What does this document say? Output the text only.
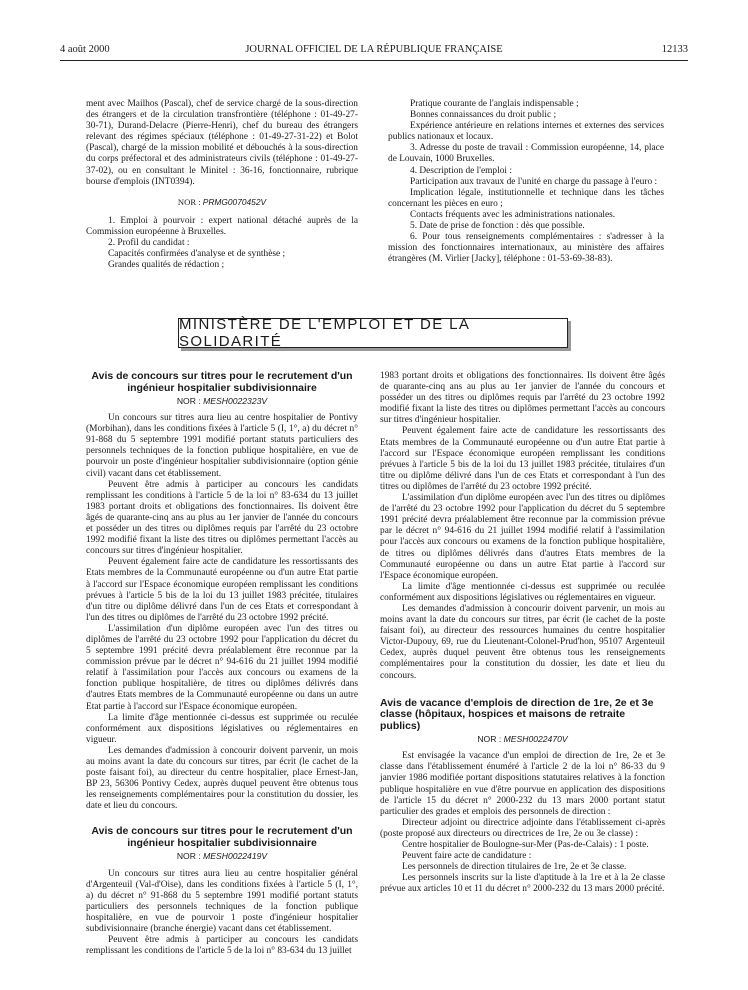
4 août 2000	JOURNAL OFFICIEL DE LA RÉPUBLIQUE FRANÇAISE	12133

ment avec Mailhos (Pascal), chef de service chargé de la sous-direction des étrangers et de la circulation transfrontière (téléphone : 01-49-27-30-71), Durand-Delacre (Pierre-Henri), chef du bureau des étrangers relevant des régimes spéciaux (téléphone : 01-49-27-31-22) et Bolot (Pascal), chargé de la mission mobilité et débouchés à la sous-direction du corps préfectoral et des administrateurs civils (téléphone : 01-49-27-37-02), ou en consultant le Minitel : 36-16, fonctionnaire, rubrique bourse d'emplois (INT0394).

NOR : PRMG0070452V

1. Emploi à pourvoir : expert national détaché auprès de la Commission européenne à Bruxelles.

2. Profil du candidat :

Capacités confirmées d'analyse et de synthèse ;

Grandes qualités de rédaction ;

Pratique courante de l'anglais indispensable ;

Bonnes connaissances du droit public ;

Expérience antérieure en relations internes et externes des services publics nationaux et locaux.

3. Adresse du poste de travail : Commission européenne, 14, place de Louvain, 1000 Bruxelles.

4. Description de l'emploi :

Participation aux travaux de l'unité en charge du passage à l'euro :

Implication légale, institutionnelle et technique dans les tâches concernant les pièces en euro ;

Contacts fréquents avec les administrations nationales.

5. Date de prise de fonction : dès que possible.

6. Pour tous renseignements complémentaires : s'adresser à la mission des fonctionnaires internationaux, au ministère des affaires étrangères (M. Virlier [Jacky], téléphone : 01-53-69-38-83).

MINISTÈRE DE L'EMPLOI ET DE LA SOLIDARITÉ
Avis de concours sur titres pour le recrutement d'un ingénieur hospitalier subdivisionnaire
NOR : MESH0022323V

Un concours sur titres aura lieu au centre hospitalier de Pontivy (Morbihan), dans les conditions fixées à l'article 5 (I, 1°, a) du décret n° 91-868 du 5 septembre 1991 modifié portant statuts particuliers des personnels techniques de la fonction publique hospitalière, en vue de pourvoir un poste d'ingénieur hospitalier subdivisionnaire (option génie civil) vacant dans cet établissement.

Peuvent être admis à participer au concours les candidats remplissant les conditions à l'article 5 de la loi n° 83-634 du 13 juillet 1983 portant droits et obligations des fonctionnaires. Ils doivent être âgés de quarante-cinq ans au plus au 1er janvier de l'année du concours et posséder un des titres ou diplômes requis par l'arrêté du 23 octobre 1992 modifié fixant la liste des titres ou diplômes permettant l'accès au concours sur titres d'ingénieur hospitalier.

Peuvent également faire acte de candidature les ressortissants des Etats membres de la Communauté européenne ou d'un autre Etat partie à l'accord sur l'Espace économique européen remplissant les conditions prévues à l'article 5 bis de la loi du 13 juillet 1983 précitée, titulaires d'un titre ou diplôme délivré dans l'un de ces Etats et correspondant à l'un des titres ou diplômes de l'arrêté du 23 octobre 1992 précité.

L'assimilation d'un diplôme européen avec l'un des titres ou diplômes de l'arrêté du 23 octobre 1992 pour l'application du décret du 5 septembre 1991 précité devra préalablement être reconnue par la commission prévue par le décret n° 94-616 du 21 juillet 1994 modifié relatif à l'assimilation pour l'accès aux concours ou examens de la fonction publique hospitalière, de titres ou diplômes délivrés dans d'autres Etats membres de la Communauté européenne ou dans un autre Etat partie à l'accord sur l'Espace économique européen.

La limite d'âge mentionnée ci-dessus est supprimée ou reculée conformément aux dispositions législatives ou réglementaires en vigueur.

Les demandes d'admission à concourir doivent parvenir, un mois au moins avant la date du concours sur titres, par écrit (le cachet de la poste faisant foi), au directeur du centre hospitalier, place Ernest-Jan, BP 23, 56306 Pontivy Cedex, auprès duquel peuvent être obtenus tous les renseignements complémentaires pour la constitution du dossier, les date et lieu du concours.

Avis de concours sur titres pour le recrutement d'un ingénieur hospitalier subdivisionnaire
NOR : MESH0022419V

Un concours sur titres aura lieu au centre hospitalier général d'Argenteuil (Val-d'Oise), dans les conditions fixées à l'article 5 (I, 1°, a) du décret n° 91-868 du 5 septembre 1991 modifié portant statuts particuliers des personnels techniques de la fonction publique hospitalière, en vue de pourvoir 1 poste d'ingénieur hospitalier subdivisionnaire (branche énergie) vacant dans cet établissement.

Peuvent être admis à participer au concours les candidats remplissant les conditions de l'article 5 de la loi n° 83-634 du 13 juillet

1983 portant droits et obligations des fonctionnaires. Ils doivent être âgés de quarante-cinq ans au plus au 1er janvier de l'année du concours et posséder un des titres ou diplômes requis par l'arrêté du 23 octobre 1992 modifié fixant la liste des titres ou diplômes permettant l'accès au concours sur titres d'ingénieur hospitalier.

Peuvent également faire acte de candidature les ressortissants des Etats membres de la Communauté européenne ou d'un autre Etat partie à l'accord sur l'Espace économique européen remplissant les conditions prévues à l'article 5 bis de la loi du 13 juillet 1983 précitée, titulaires d'un titre ou diplôme délivré dans l'un de ces Etats et correspondant à l'un des titres ou diplômes de l'arrêté du 23 octobre 1992 précité.

L'assimilation d'un diplôme européen avec l'un des titres ou diplômes de l'arrêté du 23 octobre 1992 pour l'application du décret du 5 septembre 1991 précité devra préalablement être reconnue par la commission prévue par le décret n° 94-616 du 21 juillet 1994 modifié relatif à l'assimilation pour l'accès aux concours ou examens de la fonction publique hospitalière, de titres ou diplômes délivrés dans d'autres Etats membres de la Communauté européenne ou dans un autre Etat partie à l'accord sur l'Espace économique européen.

La limite d'âge mentionnée ci-dessus est supprimée ou reculée conformément aux dispositions législatives ou réglementaires en vigueur.

Les demandes d'admission à concourir doivent parvenir, un mois au moins avant la date du concours sur titres, par écrit (le cachet de la poste faisant foi), au directeur des ressources humaines du centre hospitalier Victor-Dupouy, 69, rue du Lieutenant-Colonel-Prud'hon, 95107 Argenteuil Cedex, auprès duquel peuvent être obtenus tous les renseignements complémentaires pour la constitution du dossier, les date et lieu du concours.

Avis de vacance d'emplois de direction de 1re, 2e et 3e classe (hôpitaux, hospices et maisons de retraite publics)
NOR : MESH0022470V

Est envisagée la vacance d'un emploi de direction de 1re, 2e et 3e classe dans l'établissement énuméré à l'article 2 de la loi n° 86-33 du 9 janvier 1986 modifiée portant dispositions statutaires relatives à la fonction publique hospitalière en vue d'être pourvue en application des dispositions de l'article 15 du décret n° 2000-232 du 13 mars 2000 portant statut particulier des grades et emplois des personnels de direction :

Directeur adjoint ou directrice adjointe dans l'établissement ci-après (poste proposé aux directeurs ou directrices de 1re, 2e ou 3e classe) :

Centre hospitalier de Boulogne-sur-Mer (Pas-de-Calais) : 1 poste.

Peuvent faire acte de candidature :

Les personnels de direction titulaires de 1re, 2e et 3e classe.

Les personnels inscrits sur la liste d'aptitude à la 1re et à la 2e classe prévue aux articles 10 et 11 du décret n° 2000-232 du 13 mars 2000 précité.
